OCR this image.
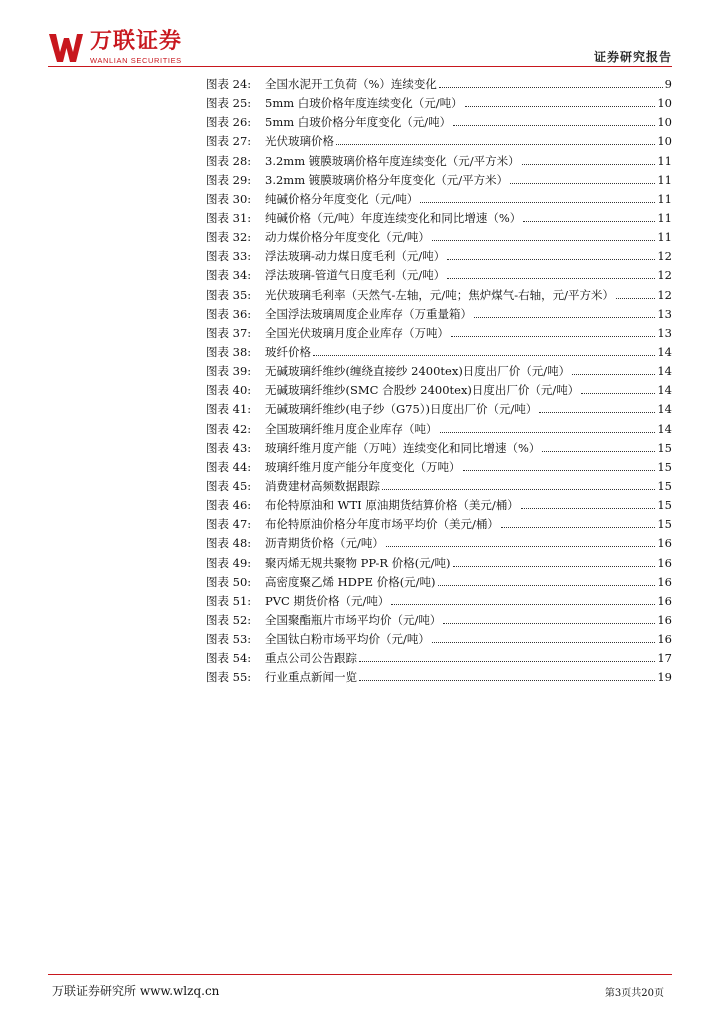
万联证券
WANLIAN SECURITIES	证券研究报告
图表 24:	全国水泥开工负荷（%）连续变化	9
图表 25:	5mm 白玻价格年度连续变化（元/吨）	10
图表 26:	5mm 白玻价格分年度变化（元/吨）	10
图表 27:	光伏玻璃价格	10
图表 28:	3.2mm 镀膜玻璃价格年度连续变化（元/平方米）	11
图表 29:	3.2mm 镀膜玻璃价格分年度变化（元/平方米）	11
图表 30:	纯碱价格分年度变化（元/吨）	11
图表 31:	纯碱价格（元/吨）年度连续变化和同比增速（%）	11
图表 32:	动力煤价格分年度变化（元/吨）	11
图表 33:	浮法玻璃-动力煤日度毛利（元/吨）	12
图表 34:	浮法玻璃-管道气日度毛利（元/吨）	12
图表 35:	光伏玻璃毛利率（天然气-左轴，元/吨；焦炉煤气-右轴，元/平方米）	12
图表 36:	全国浮法玻璃周度企业库存（万重量箱）	13
图表 37:	全国光伏玻璃月度企业库存（万吨）	13
图表 38:	玻纤价格	14
图表 39:	无碱玻璃纤维纱(缠绕直接纱 2400tex)日度出厂价（元/吨）	14
图表 40:	无碱玻璃纤维纱(SMC 合股纱 2400tex)日度出厂价（元/吨）	14
图表 41:	无碱玻璃纤维纱(电子纱（G75）)日度出厂价（元/吨）	14
图表 42:	全国玻璃纤维月度企业库存（吨）	14
图表 43:	玻璃纤维月度产能（万吨）连续变化和同比增速（%）	15
图表 44:	玻璃纤维月度产能分年度变化（万吨）	15
图表 45:	消费建材高频数据跟踪	15
图表 46:	布伦特原油和 WTI 原油期货结算价格（美元/桶）	15
图表 47:	布伦特原油价格分年度市场平均价（美元/桶）	15
图表 48:	沥青期货价格（元/吨）	16
图表 49:	聚丙烯无规共聚物 PP-R 价格(元/吨)	16
图表 50:	高密度聚乙烯 HDPE 价格(元/吨)	16
图表 51:	PVC 期货价格（元/吨）	16
图表 52:	全国聚酯瓶片市场平均价（元/吨）	16
图表 53:	全国钛白粉市场平均价（元/吨）	16
图表 54:	重点公司公告跟踪	17
图表 55:	行业重点新闻一览	19
万联证券研究所 www.wlzq.cn	第3页共20页
